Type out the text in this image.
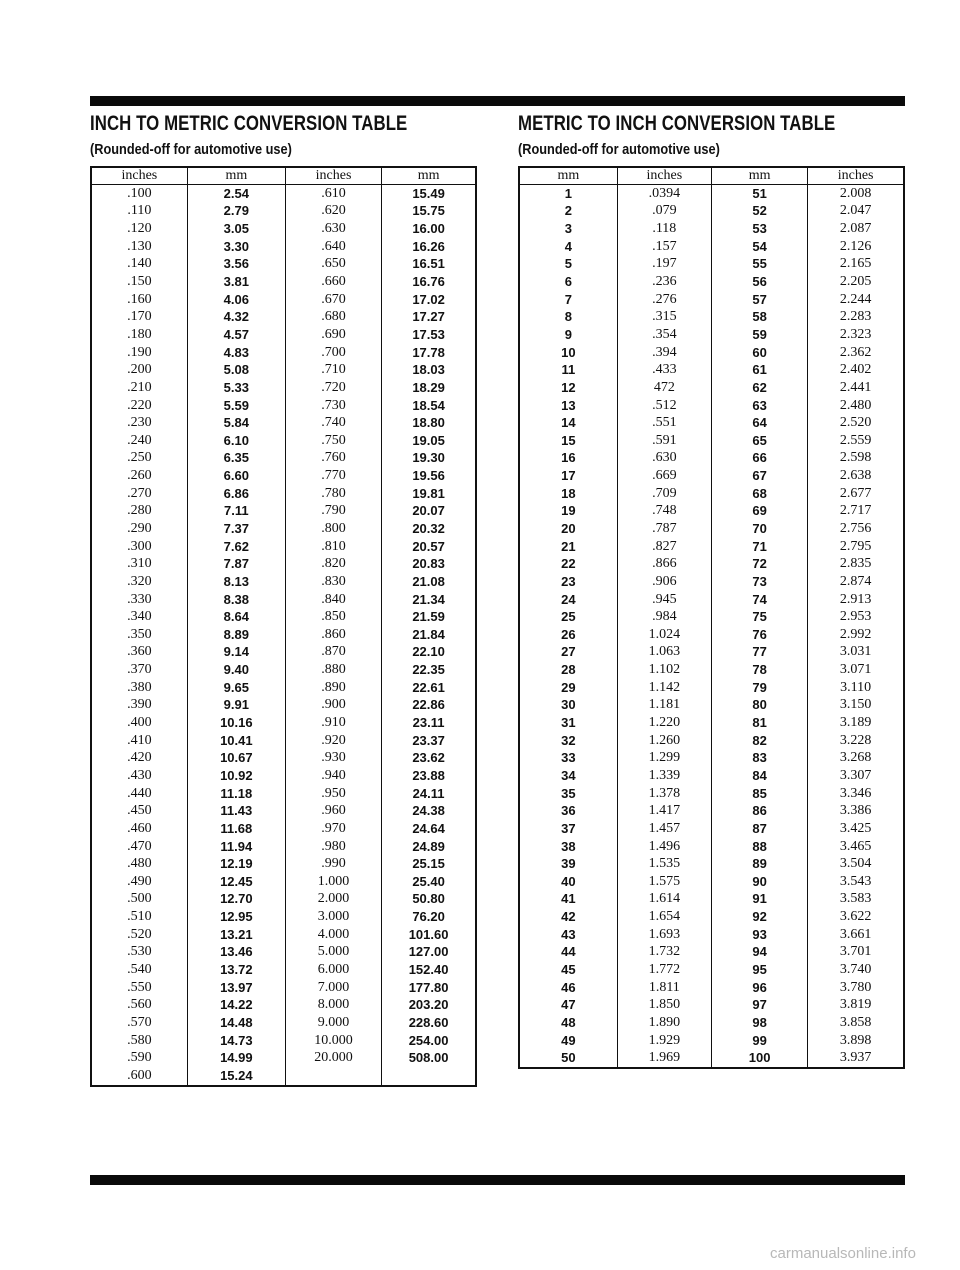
INCH TO METRIC CONVERSION TABLE

(Rounded-off for automotive use)

inches	mm	inches	mm
.100	2.54	.610	15.49
.110	2.79	.620	15.75
.120	3.05	.630	16.00
.130	3.30	.640	16.26
.140	3.56	.650	16.51
.150	3.81	.660	16.76
.160	4.06	.670	17.02
.170	4.32	.680	17.27
.180	4.57	.690	17.53
.190	4.83	.700	17.78
.200	5.08	.710	18.03
.210	5.33	.720	18.29
.220	5.59	.730	18.54
.230	5.84	.740	18.80
.240	6.10	.750	19.05
.250	6.35	.760	19.30
.260	6.60	.770	19.56
.270	6.86	.780	19.81
.280	7.11	.790	20.07
.290	7.37	.800	20.32
.300	7.62	.810	20.57
.310	7.87	.820	20.83
.320	8.13	.830	21.08
.330	8.38	.840	21.34
.340	8.64	.850	21.59
.350	8.89	.860	21.84
.360	9.14	.870	22.10
.370	9.40	.880	22.35
.380	9.65	.890	22.61
.390	9.91	.900	22.86
.400	10.16	.910	23.11
.410	10.41	.920	23.37
.420	10.67	.930	23.62
.430	10.92	.940	23.88
.440	11.18	.950	24.11
.450	11.43	.960	24.38
.460	11.68	.970	24.64
.470	11.94	.980	24.89
.480	12.19	.990	25.15
.490	12.45	1.000	25.40
.500	12.70	2.000	50.80
.510	12.95	3.000	76.20
.520	13.21	4.000	101.60
.530	13.46	5.000	127.00
.540	13.72	6.000	152.40
.550	13.97	7.000	177.80
.560	14.22	8.000	203.20
.570	14.48	9.000	228.60
.580	14.73	10.000	254.00
.590	14.99	20.000	508.00
.600	15.24		
METRIC TO INCH CONVERSION TABLE

(Rounded-off for automotive use)

mm	inches	mm	inches
1	.0394	51	2.008
2	.079	52	2.047
3	.118	53	2.087
4	.157	54	2.126
5	.197	55	2.165
6	.236	56	2.205
7	.276	57	2.244
8	.315	58	2.283
9	.354	59	2.323
10	.394	60	2.362
11	.433	61	2.402
12	472	62	2.441
13	.512	63	2.480
14	.551	64	2.520
15	.591	65	2.559
16	.630	66	2.598
17	.669	67	2.638
18	.709	68	2.677
19	.748	69	2.717
20	.787	70	2.756
21	.827	71	2.795
22	.866	72	2.835
23	.906	73	2.874
24	.945	74	2.913
25	.984	75	2.953
26	1.024	76	2.992
27	1.063	77	3.031
28	1.102	78	3.071
29	1.142	79	3.110
30	1.181	80	3.150
31	1.220	81	3.189
32	1.260	82	3.228
33	1.299	83	3.268
34	1.339	84	3.307
35	1.378	85	3.346
36	1.417	86	3.386
37	1.457	87	3.425
38	1.496	88	3.465
39	1.535	89	3.504
40	1.575	90	3.543
41	1.614	91	3.583
42	1.654	92	3.622
43	1.693	93	3.661
44	1.732	94	3.701
45	1.772	95	3.740
46	1.811	96	3.780
47	1.850	97	3.819
48	1.890	98	3.858
49	1.929	99	3.898
50	1.969	100	3.937
carmanualsonline.info
